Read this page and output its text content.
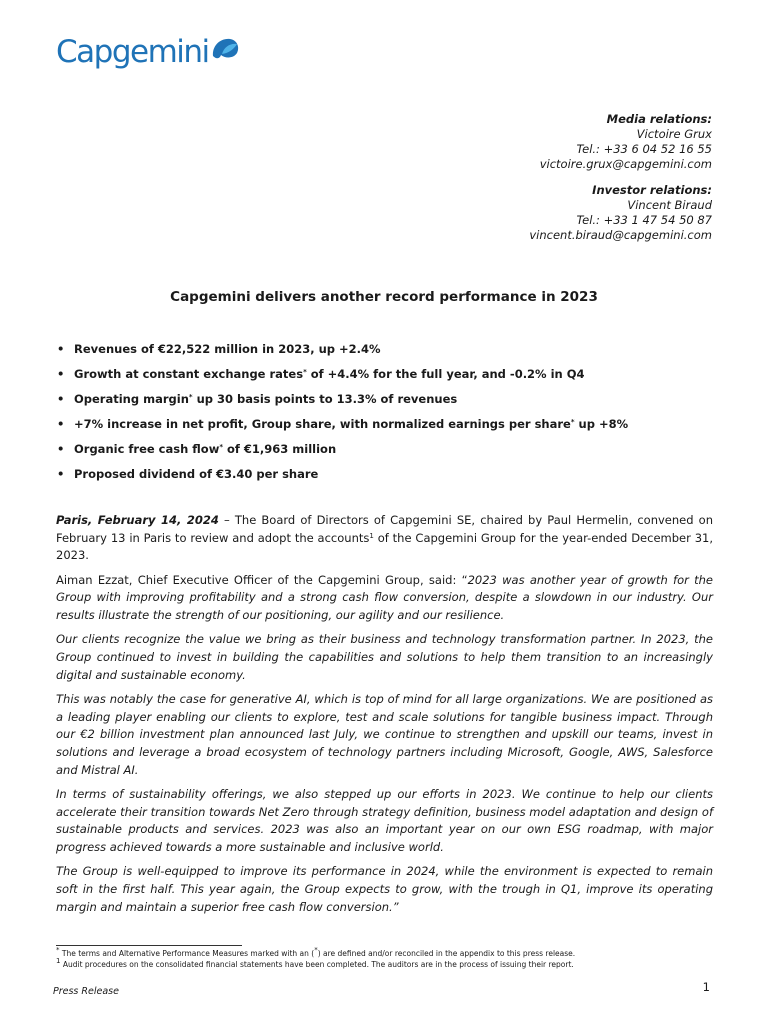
Capgemini
Media relations:
Victoire Grux
Tel.: +33 6 04 52 16 55
victoire.grux@capgemini.com
Investor relations:
Vincent Biraud
Tel.: +33 1 47 54 50 87
vincent.biraud@capgemini.com
Capgemini delivers another record performance in 2023
• Revenues of €22,522 million in 2023, up +2.4%
• Growth at constant exchange rates* of +4.4% for the full year, and -0.2% in Q4
• Operating margin* up 30 basis points to 13.3% of revenues
• +7% increase in net profit, Group share, with normalized earnings per share* up +8%
• Organic free cash flow* of €1,963 million
• Proposed dividend of €3.40 per share

Paris, February 14, 2024 – The Board of Directors of Capgemini SE, chaired by Paul Hermelin, convened on February 13 in Paris to review and adopt the accounts$^1$ of the Capgemini Group for the year-ended December 31, 2023.

Aiman Ezzat, Chief Executive Officer of the Capgemini Group, said: “2023 was another year of growth for the Group with improving profitability and a strong cash flow conversion, despite a slowdown in our industry. Our results illustrate the strength of our positioning, our agility and our resilience.

Our clients recognize the value we bring as their business and technology transformation partner. In 2023, the Group continued to invest in building the capabilities and solutions to help them transition to an increasingly digital and sustainable economy.

This was notably the case for generative AI, which is top of mind for all large organizations. We are positioned as a leading player enabling our clients to explore, test and scale solutions for tangible business impact. Through our €2 billion investment plan announced last July, we continue to strengthen and upskill our teams, invest in solutions and leverage a broad ecosystem of technology partners including Microsoft, Google, AWS, Salesforce and Mistral AI.

In terms of sustainability offerings, we also stepped up our efforts in 2023. We continue to help our clients accelerate their transition towards Net Zero through strategy definition, business model adaptation and design of sustainable products and services. 2023 was also an important year on our own ESG roadmap, with major progress achieved towards a more sustainable and inclusive world.

The Group is well-equipped to improve its performance in 2024, while the environment is expected to remain soft in the first half. This year again, the Group expects to grow, with the trough in Q1, improve its operating margin and maintain a superior free cash flow conversion.”

* The terms and Alternative Performance Measures marked with an (*) are defined and/or reconciled in the appendix to this press release.
$^1$ Audit procedures on the consolidated financial statements have been completed. The auditors are in the process of issuing their report.
1
Press Release
